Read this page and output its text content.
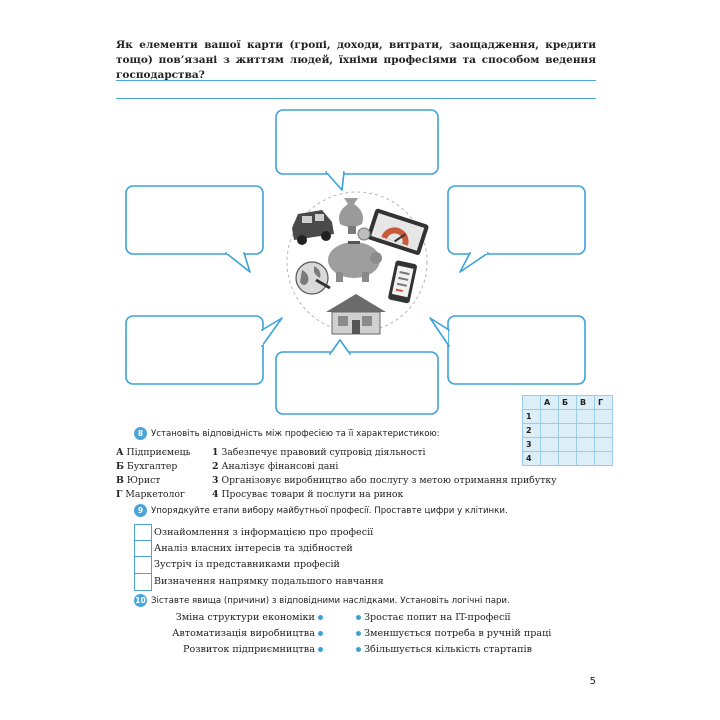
Як елементи вашої карти (гропі, доходи, витрати, заощадження, кредити тощо) пов’язані з життям людей, їхніми професіями та способом ведення господарства?
	А	Б	В	Г
1				
2				
3				
4				
8 Установіть відповідність між професією та її характеристикою:
А Підприємець 1 Забезпечує правовий супровід діяльності
Б Бухгалтер	2 Аналізує фінансові дані
В Юрист	3 Організовує виробництво або послугу з метою отримання прибутку
Г Маркетолог	4 Просуває товари й послуги на ринок
9 Упорядкуйте етапи вибору майбутньої професії. Проставте цифри у клітинки.
Ознайомлення з інформацією про професії
Аналіз власних інтересів та здібностей
Зустріч із представниками професій
Визначення напрямку подальшого навчання
10 Зіставте явища (причини) з відповідними наслідками. Установіть логічні пари.
Зміна структури економіки
Автоматизація виробництва
Розвиток підприємництва
Зростає попит на IT-професії
Зменшується потреба в ручній праці
Збільшується кількість стартапів
5
